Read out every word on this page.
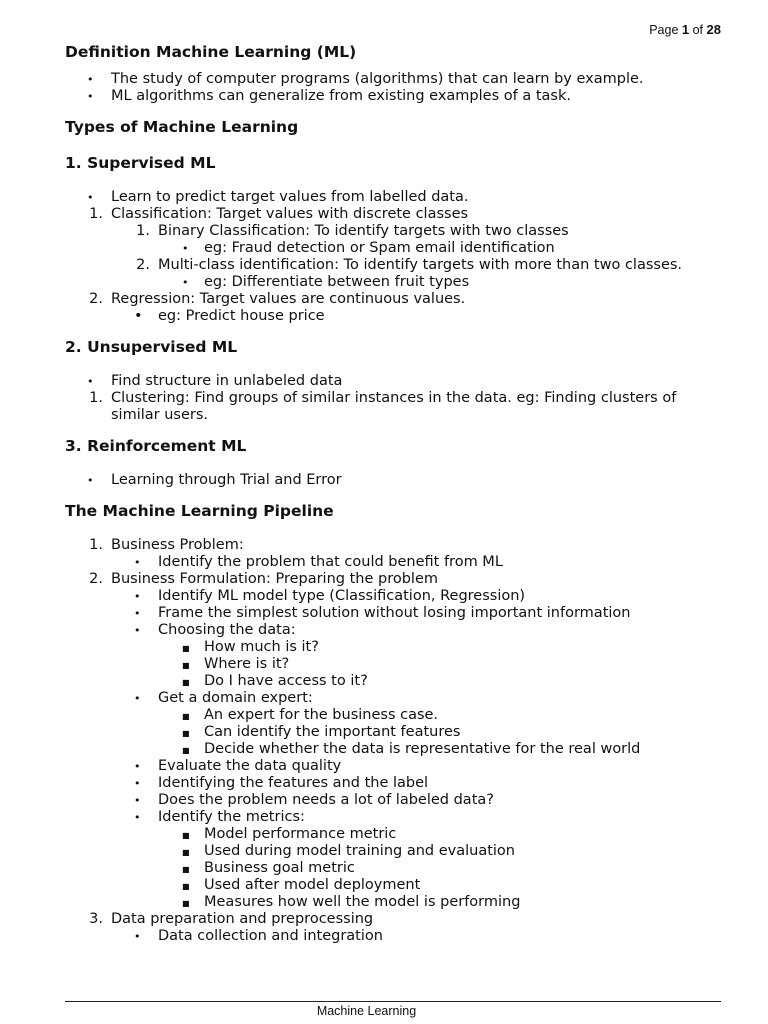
Page 1 of 28
Definition Machine Learning (ML)
• The study of computer programs (algorithms) that can learn by example.
• ML algorithms can generalize from existing examples of a task.
Types of Machine Learning
1. Supervised ML
• Learn to predict target values from labelled data.
1. Classification: Target values with discrete classes
1. Binary Classification: To identify targets with two classes
• eg: Fraud detection or Spam email identification
2. Multi-class identification: To identify targets with more than two classes.
• eg: Differentiate between fruit types
2. Regression: Target values are continuous values.
• eg: Predict house price
2. Unsupervised ML
• Find structure in unlabeled data
1. Clustering: Find groups of similar instances in the data. eg: Finding clusters of similar users.
3. Reinforcement ML
• Learning through Trial and Error
The Machine Learning Pipeline
1. Business Problem:
• Identify the problem that could benefit from ML
2. Business Formulation: Preparing the problem
• Identify ML model type (Classification, Regression)
• Frame the simplest solution without losing important information
• Choosing the data:
■ How much is it?
■ Where is it?
■ Do I have access to it?
• Get a domain expert:
■ An expert for the business case.
■ Can identify the important features
■ Decide whether the data is representative for the real world
• Evaluate the data quality
• Identifying the features and the label
• Does the problem needs a lot of labeled data?
• Identify the metrics:
■ Model performance metric
■ Used during model training and evaluation
■ Business goal metric
■ Used after model deployment
■ Measures how well the model is performing
3. Data preparation and preprocessing
• Data collection and integration
Machine Learning
